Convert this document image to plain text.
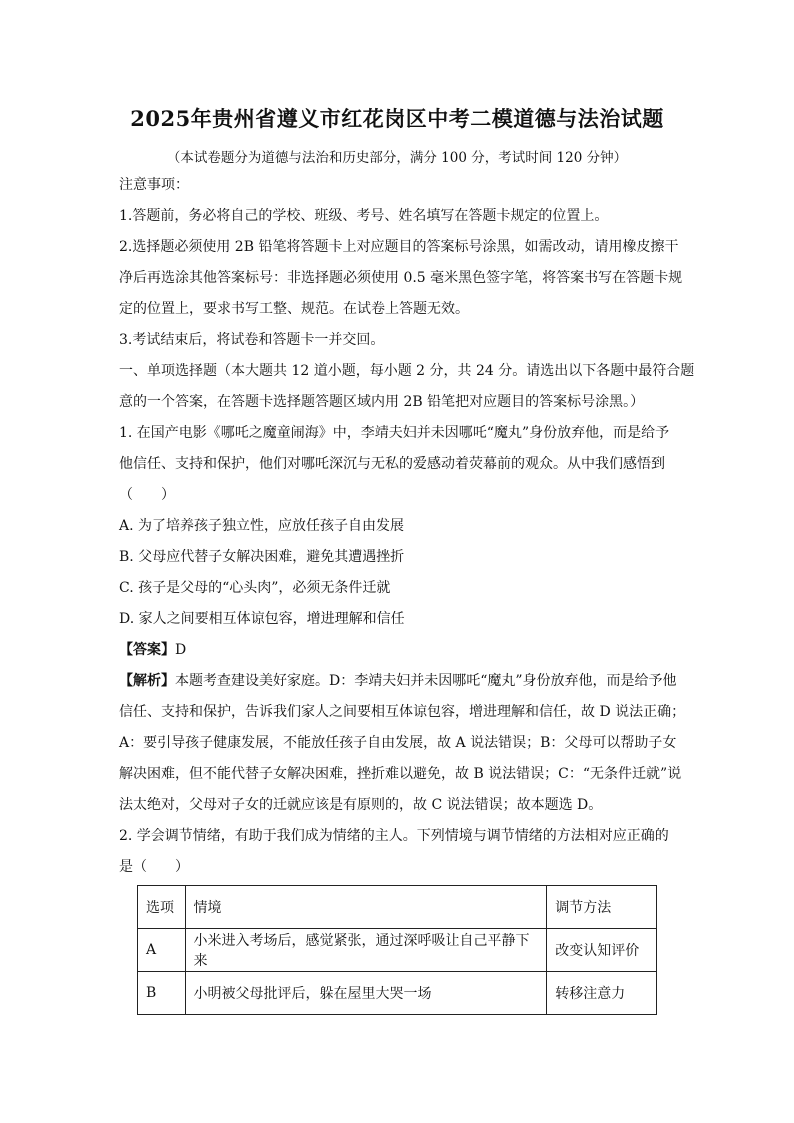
2025年贵州省遵义市红花岗区中考二模道德与法治试题
（本试卷题分为道德与法治和历史部分，满分 100 分，考试时间 120 分钟）
注意事项：
1.答题前，务必将自己的学校、班级、考号、姓名填写在答题卡规定的位置上。
2.选择题必须使用 2B 铅笔将答题卡上对应题目的答案标号涂黑，如需改动，请用橡皮擦干
净后再选涂其他答案标号：非选择题必须使用 0.5 毫米黑色签字笔，将答案书写在答题卡规
定的位置上，要求书写工整、规范。在试卷上答题无效。
3.考试结束后，将试卷和答题卡一并交回。
一、单项选择题（本大题共 12 道小题，每小题 2 分，共 24 分。请选出以下各题中最符合题
意的一个答案，在答题卡选择题答题区域内用 2B 铅笔把对应题目的答案标号涂黑。）
1. 在国产电影《哪吒之魔童闹海》中，李靖夫妇并未因哪吒“魔丸”身份放弃他，而是给予
他信任、支持和保护，他们对哪吒深沉与无私的爱感动着荧幕前的观众。从中我们感悟到
（　　）
A. 为了培养孩子独立性，应放任孩子自由发展
B. 父母应代替子女解决困难，避免其遭遇挫折
C. 孩子是父母的“心头肉”，必须无条件迁就
D. 家人之间要相互体谅包容，增进理解和信任
【答案】D
【解析】本题考查建设美好家庭。D：李靖夫妇并未因哪吒“魔丸”身份放弃他，而是给予他
信任、支持和保护，告诉我们家人之间要相互体谅包容，增进理解和信任，故 D 说法正确；
A：要引导孩子健康发展，不能放任孩子自由发展，故 A 说法错误；B：父母可以帮助子女
解决困难，但不能代替子女解决困难，挫折难以避免，故 B 说法错误；C：“无条件迁就”说
法太绝对，父母对子女的迁就应该是有原则的，故 C 说法错误；故本题选 D。
2. 学会调节情绪，有助于我们成为情绪的主人。下列情境与调节情绪的方法相对应正确的
是（　　）
选项	情境	调节方法
A	小米进入考场后，感觉紧张，通过深呼吸让自己平静下来	改变认知评价
B	小明被父母批评后，躲在屋里大哭一场	转移注意力
